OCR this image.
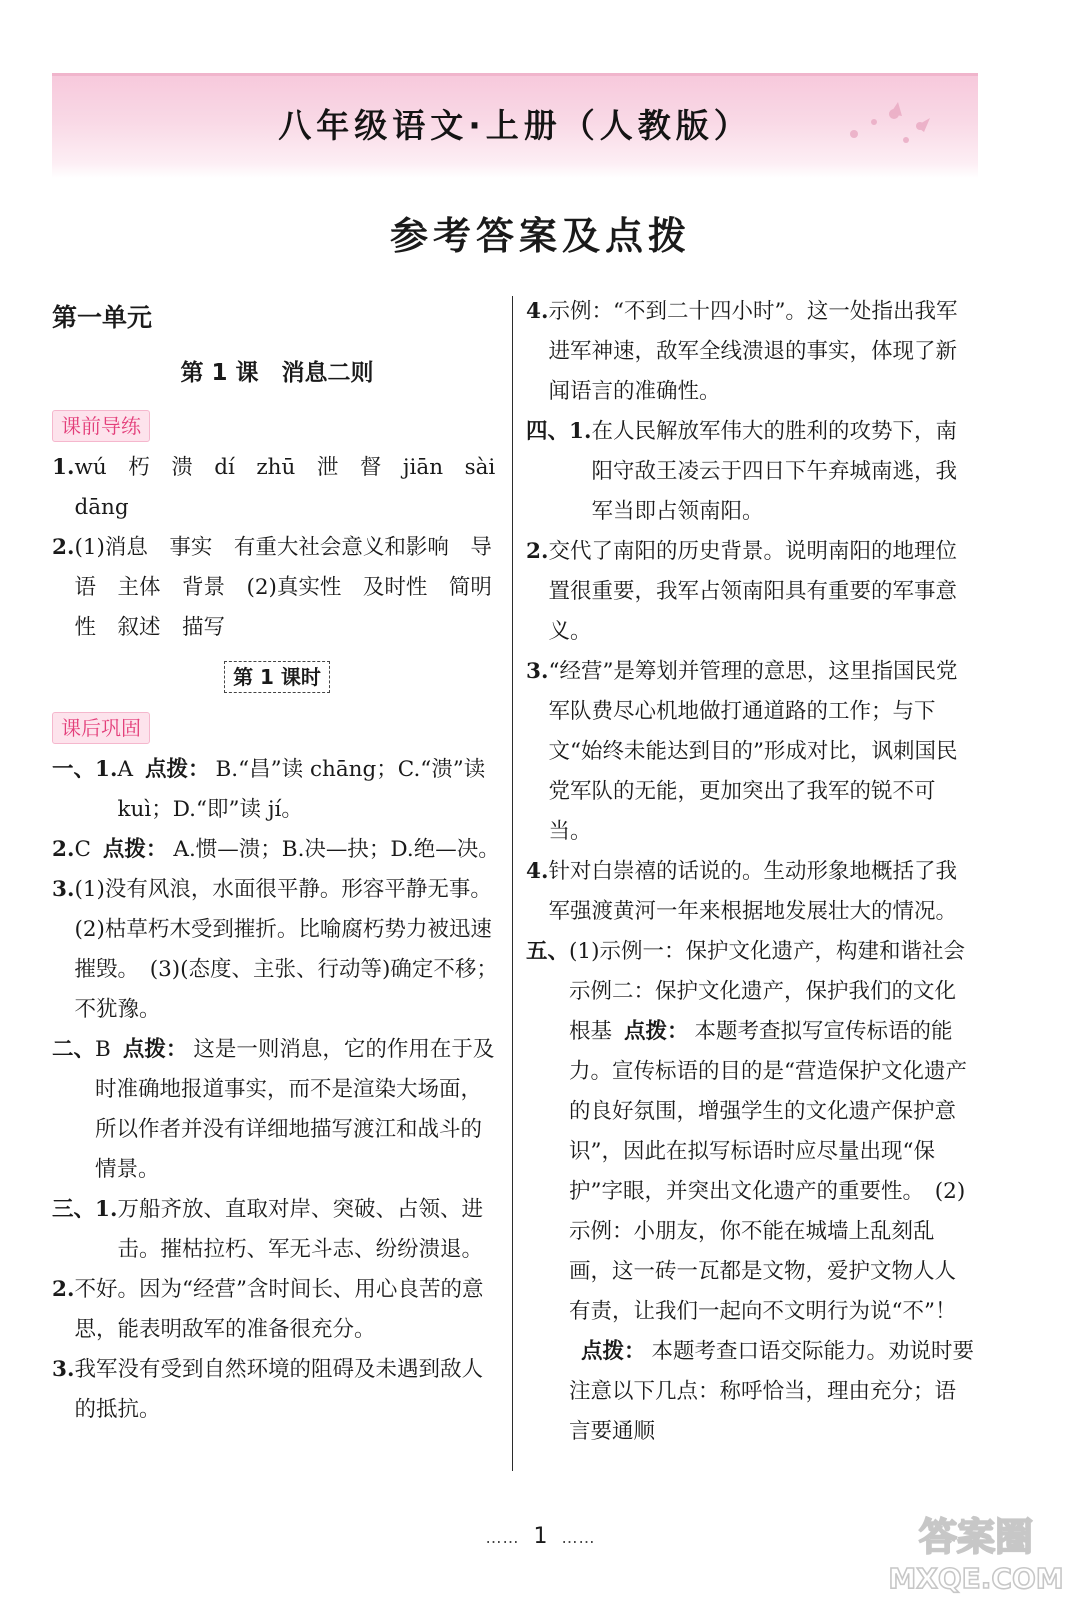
八年级语文·上册（人教版）
参考答案及点拨
第一单元
第 1 课　消息二则
课前导练
1. wú　朽　溃　dí　zhū　泄　督　jiān　sài　dāng
2. (1)消息　事实　有重大社会意义和影响　导语　主体　背景　(2)真实性　及时性　简明性　叙述　描写
第 1 课时
课后巩固
一、1. A 点拨： B.“昌”读 chāng；C.“溃”读 kuì；D.“即”读 jí。
2. C 点拨： A.惯—溃；B.决—抉；D.绝—决。
3. (1)没有风浪，水面很平静。形容平静无事。　(2)枯草朽木受到摧折。比喻腐朽势力被迅速摧毁。　(3)(态度、主张、行动等)确定不移；不犹豫。
二、 B 点拨： 这是一则消息，它的作用在于及时准确地报道事实，而不是渲染大场面，所以作者并没有详细地描写渡江和战斗的情景。
三、1. 万船齐放、直取对岸、突破、占领、进击。摧枯拉朽、军无斗志、纷纷溃退。
2. 不好。因为“经营”含时间长、用心良苦的意思，能表明敌军的准备很充分。
3. 我军没有受到自然环境的阻碍及未遇到敌人的抵抗。
4. 示例：“不到二十四小时”。这一处指出我军进军神速，敌军全线溃退的事实，体现了新闻语言的准确性。
四、1. 在人民解放军伟大的胜利的攻势下，南阳守敌王凌云于四日下午弃城南逃，我军当即占领南阳。
2. 交代了南阳的历史背景。说明南阳的地理位置很重要，我军占领南阳具有重要的军事意义。
3. “经营”是筹划并管理的意思，这里指国民党军队费尽心机地做打通道路的工作；与下文“始终未能达到目的”形成对比，讽刺国民党军队的无能，更加突出了我军的锐不可当。
4. 针对白崇禧的话说的。生动形象地概括了我军强渡黄河一年来根据地发展壮大的情况。
五、 (1)示例一：保护文化遗产，构建和谐社会　示例二：保护文化遗产，保护我们的文化根基 点拨： 本题考查拟写宣传标语的能力。宣传标语的目的是“营造保护文化遗产的良好氛围，增强学生的文化遗产保护意识”，因此在拟写标语时应尽量出现“保护”字眼，并突出文化遗产的重要性。　(2)示例：小朋友，你不能在城墙上乱刻乱画，这一砖一瓦都是文物，爱护文物人人有责，让我们一起向不文明行为说“不”！点拨： 本题考查口语交际能力。劝说时要注意以下几点：称呼恰当，理由充分；语言要通顺
…… 1 ……	答案圈
MXQE.COM
